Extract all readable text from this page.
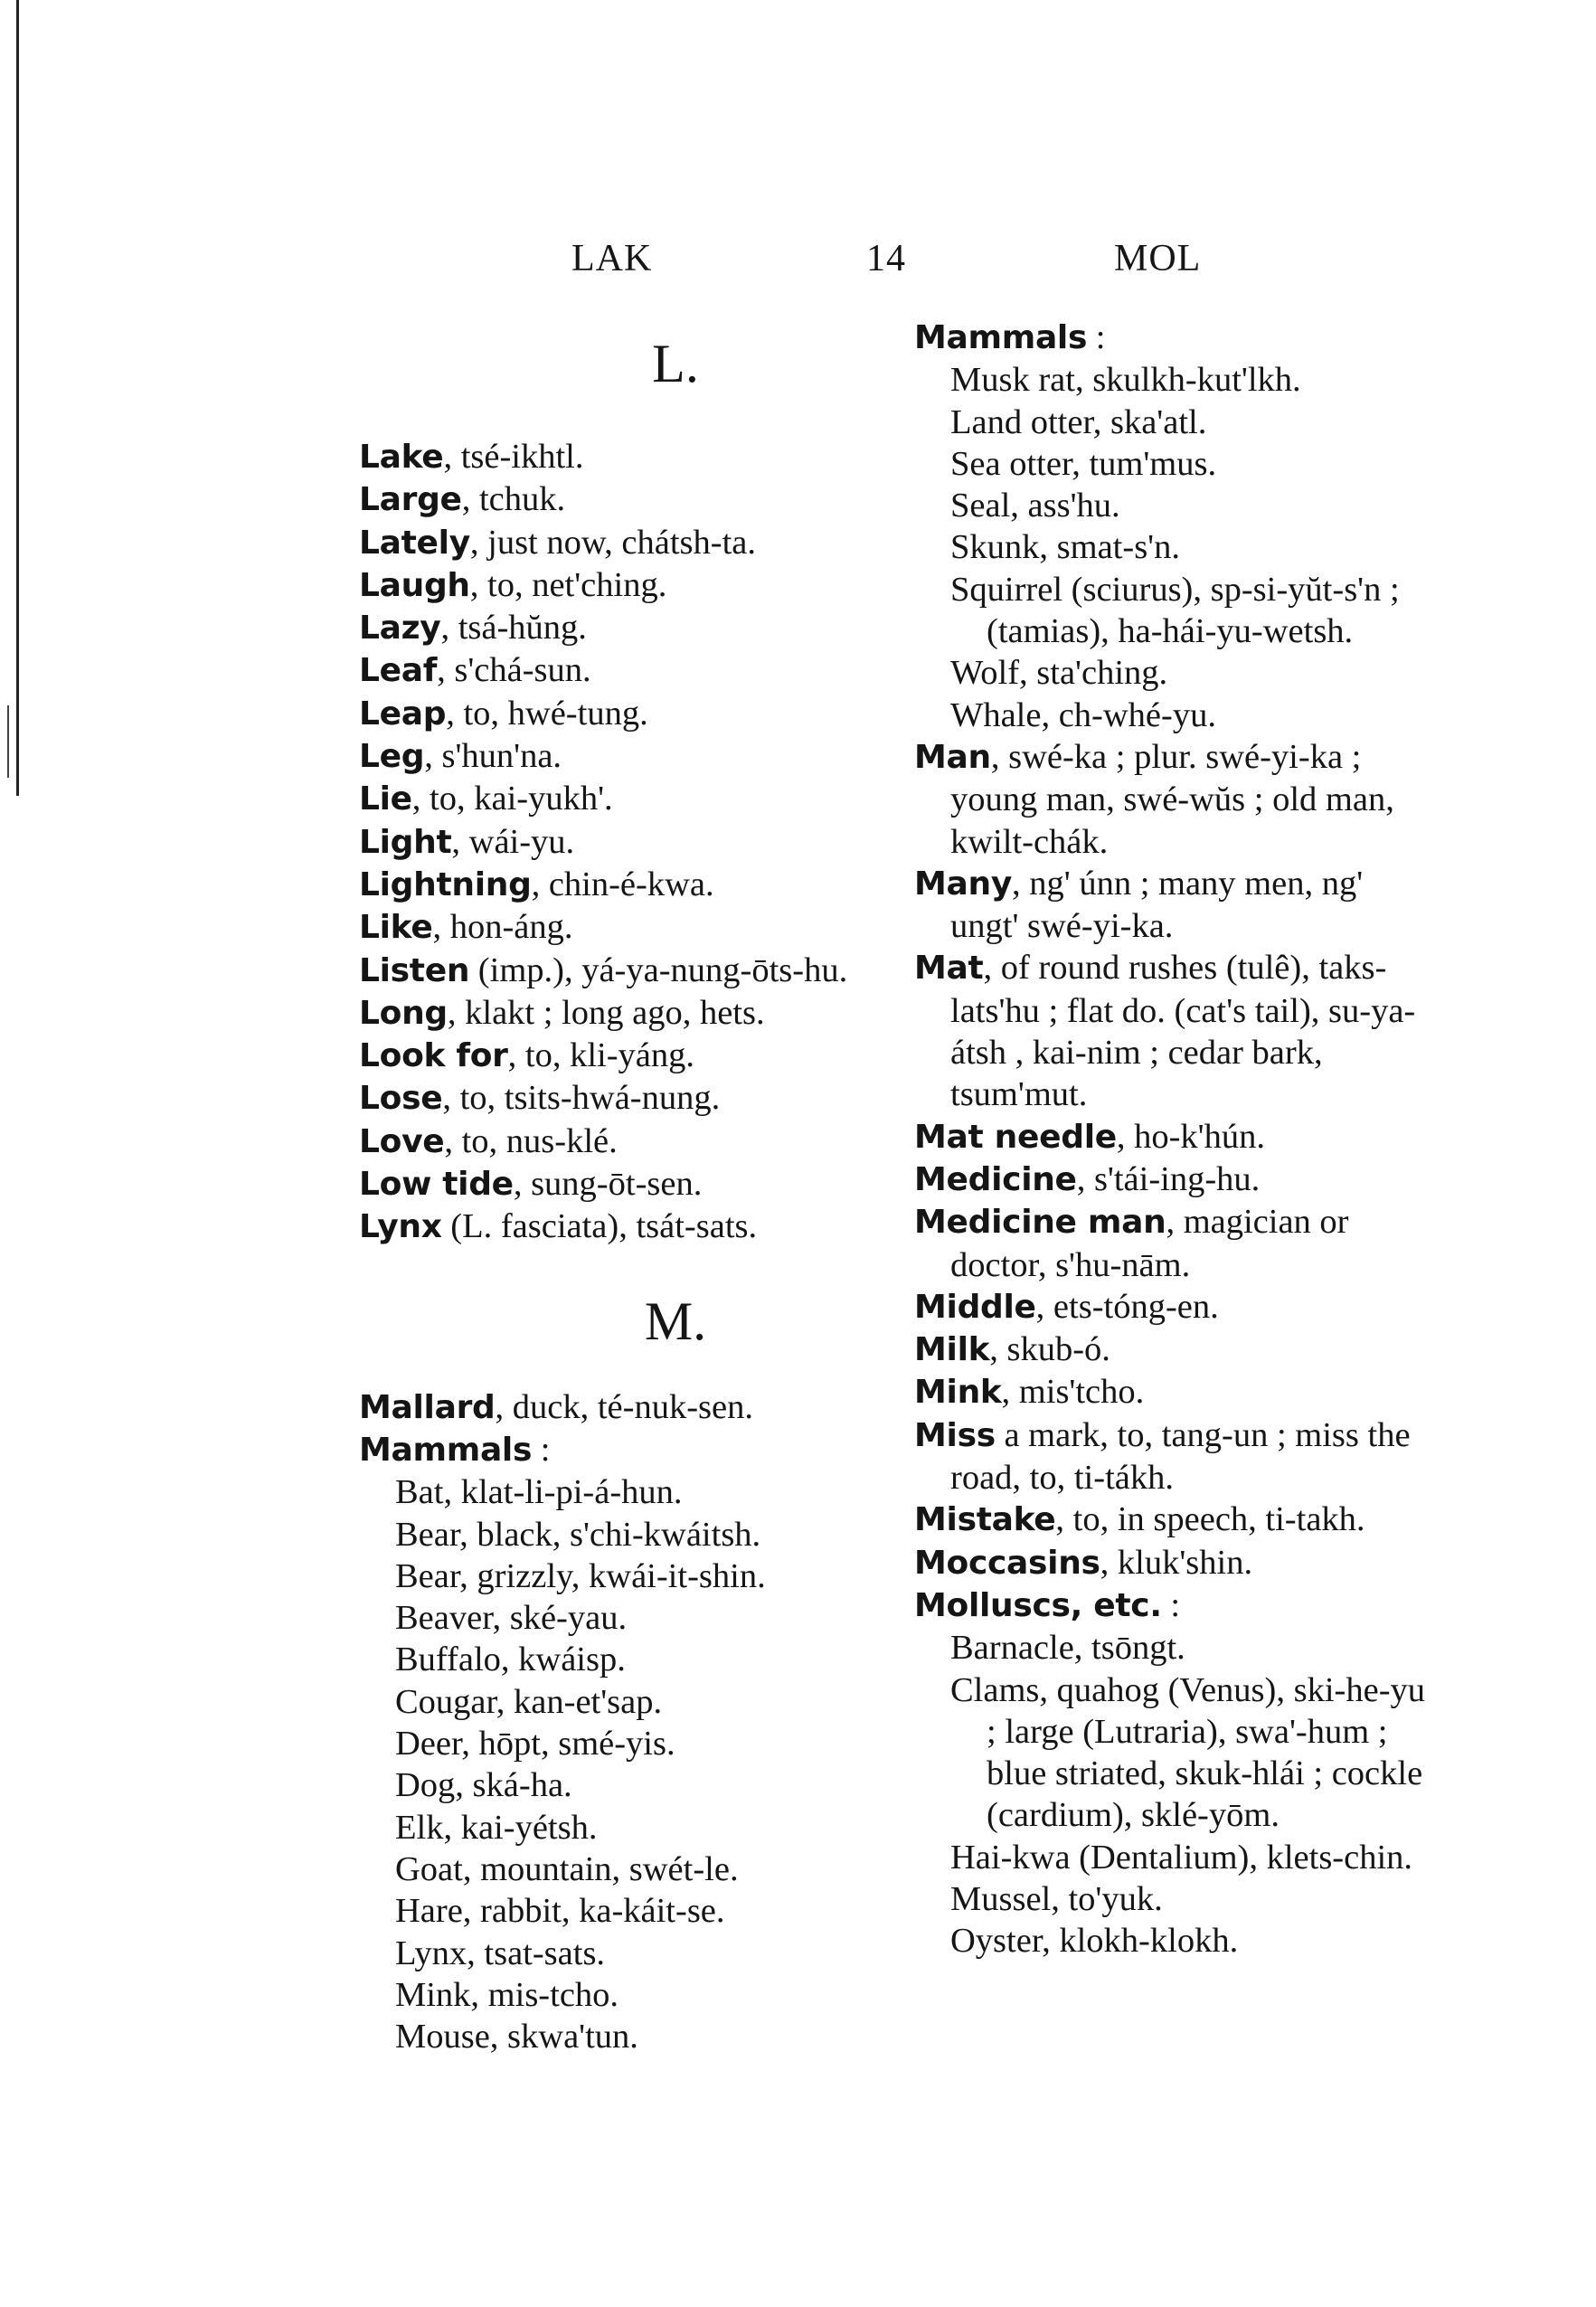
LAK	14	MOL
L.

Lake, tsé-ikhtl.

Large, tchuk.

Lately, just now, chátsh-ta.

Laugh, to, net'ching.

Lazy, tsá-hŭng.

Leaf, s'chá-sun.

Leap, to, hwé-tung.

Leg, s'hun'na.

Lie, to, kai-yukh'.

Light, wái-yu.

Lightning, chin-é-kwa.

Like, hon-áng.

Listen (imp.), yá-ya-nung-ōts-hu.

Long, klakt ; long ago, hets.

Look for, to, kli-yáng.

Lose, to, tsits-hwá-nung.

Love, to, nus-klé.

Low tide, sung-ōt-sen.

Lynx (L. fasciata), tsát-sats.

M.

Mallard, duck, té-nuk-sen.

Mammals :

Bat, klat-li-pi-á-hun.

Bear, black, s'chi-kwáitsh.

Bear, grizzly, kwái-it-shin.

Beaver, ské-yau.

Buffalo, kwáisp.

Cougar, kan-et'sap.

Deer, hōpt, smé-yis.

Dog, ská-ha.

Elk, kai-yétsh.

Goat, mountain, swét-le.

Hare, rabbit, ka-káit-se.

Lynx, tsat-sats.

Mink, mis-tcho.

Mouse, skwa'tun.

Mammals :

Musk rat, skulkh-kut'lkh.

Land otter, ska'atl.

Sea otter, tum'mus.

Seal, ass'hu.

Skunk, smat-s'n.

Squirrel (sciurus), sp-si-yŭt-s'n ; (tamias), ha-hái-yu-wetsh.

Wolf, sta'ching.

Whale, ch-whé-yu.

Man, swé-ka ; plur. swé-yi-ka ; young man, swé-wŭs ; old man, kwilt-chák.

Many, ng' únn ; many men, ng' ungt' swé-yi-ka.

Mat, of round rushes (tulê), taks-lats'hu ; flat do. (cat's tail), su-ya-átsh , kai-nim ; cedar bark, tsum'mut.

Mat needle, ho-k'hún.

Medicine, s'tái-ing-hu.

Medicine man, magician or doctor, s'hu-nām.

Middle, ets-tóng-en.

Milk, skub-ó.

Mink, mis'tcho.

Miss a mark, to, tang-un ; miss the road, to, ti-tákh.

Mistake, to, in speech, ti-takh.

Moccasins, kluk'shin.

Molluscs, etc. :

Barnacle, tsōngt.

Clams, quahog (Venus), ski-he-yu ; large (Lutraria), swa'-hum ; blue striated, skuk-hlái ; cockle (cardium), sklé-yōm.

Hai-kwa (Dentalium), klets-chin.

Mussel, to'yuk.

Oyster, klokh-klokh.
